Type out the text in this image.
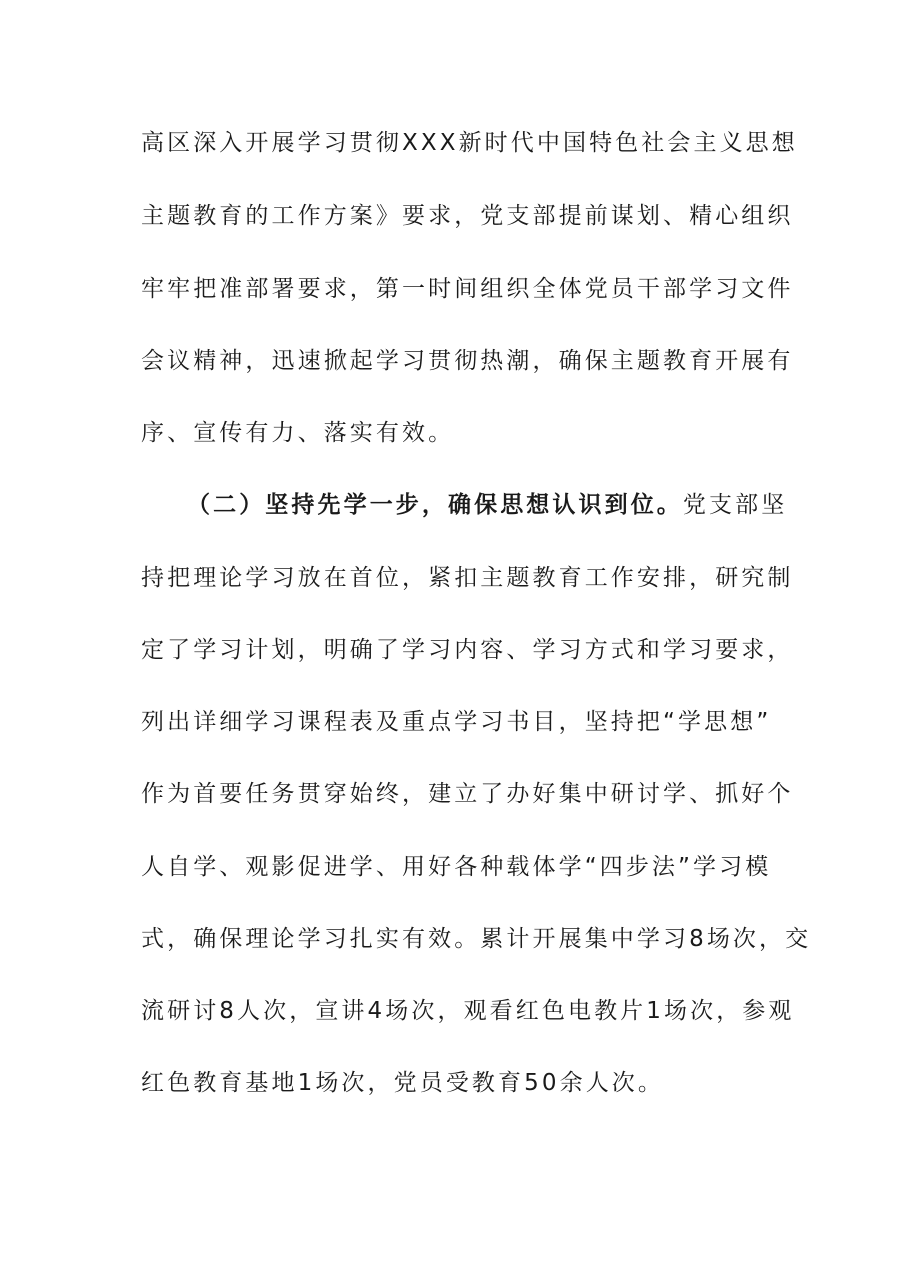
高区深入开展学习贯彻XXX新时代中国特色社会主义思想
主题教育的工作方案》要求，党支部提前谋划、精心组织
牢牢把准部署要求，第一时间组织全体党员干部学习文件
会议精神，迅速掀起学习贯彻热潮，确保主题教育开展有
序、宣传有力、落实有效。
（二）坚持先学一步，确保思想认识到位。党支部坚
持把理论学习放在首位，紧扣主题教育工作安排，研究制
定了学习计划，明确了学习内容、学习方式和学习要求，
列出详细学习课程表及重点学习书目，坚持把“学思想”
作为首要任务贯穿始终，建立了办好集中研讨学、抓好个
人自学、观影促进学、用好各种载体学“四步法”学习模
式，确保理论学习扎实有效。累计开展集中学习8场次，交
流研讨8人次，宣讲4场次，观看红色电教片1场次，参观
红色教育基地1场次，党员受教育50余人次。
